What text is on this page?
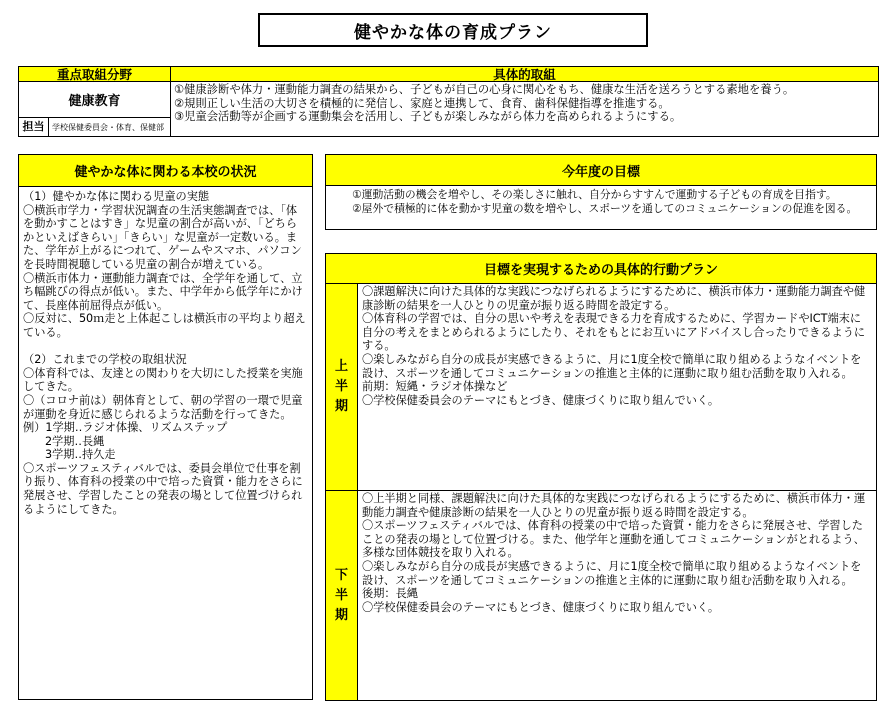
健やかな体の育成プラン
重点取組分野	具体的取組
健康教育	①健康診断や体力・運動能力調査の結果から、子どもが自己の心身に関心をもち、健康な生活を送ろうとする素地を養う。

②規則正しい生活の大切さを積極的に発信し、家庭と連携して、食育、歯科保健指導を推進する。

③児童会活動等が企画する運動集会を活用し、子どもが楽しみながら体力を高められるようにする。

担当 学校保健委員会・体育、保健部	
健やかな体に関わる本校の状況

（1）健やかな体に関わる児童の実態

〇横浜市学力・学習状況調査の生活実態調査では、「体を動かすことはすき」な児童の割合が高いが、「どちらかといえばきらい」「きらい」な児童が一定数いる。また、学年が上がるにつれて、ゲームやスマホ、パソコンを長時間視聴している児童の割合が増えている。

〇横浜市体力・運動能力調査では、全学年を通して、立ち幅跳びの得点が低い。また、中学年から低学年にかけて、長座体前屈得点が低い。

〇反対に、50ｍ走と上体起こしは横浜市の平均より超えている。

（2）これまでの学校の取組状況

〇体育科では、友達との関わりを大切にした授業を実施してきた。

〇（コロナ前は）朝体育として、朝の学習の一環で児童が運動を身近に感じられるような活動を行ってきた。

例）1学期‥ラジオ体操、リズムステップ

2学期‥長縄

3学期‥持久走

〇スポーツフェスティバルでは、委員会単位で仕事を割り振り、体育科の授業の中で培った資質・能力をさらに発展させ、学習したことの発表の場として位置づけられるようにしてきた。

今年度の目標

①運動活動の機会を増やし、その楽しさに触れ、自分からすすんで運動する子どもの育成を目指す。

②屋外で積極的に体を動かす児童の数を増やし、スポーツを通してのコミュニケーションの促進を図る。

目標を実現するための具体的行動プラン
上
半
期

〇課題解決に向けた具体的な実践につなげられるようにするために、横浜市体力・運動能力調査や健康診断の結果を一人ひとりの児童が振り返る時間を設定する。

〇体育科の学習では、自分の思いや考えを表現できる力を育成するために、学習カードやICT端末に自分の考えをまとめられるようにしたり、それをもとにお互いにアドバイスし合ったりできるようにする。

〇楽しみながら自分の成長が実感できるように、月に1度全校で簡単に取り組めるようなイベントを設け、スポーツを通してコミュニケーションの推進と主体的に運動に取り組む活動を取り入れる。

前期：短縄・ラジオ体操など

〇学校保健委員会のテーマにもとづき、健康づくりに取り組んでいく。

下
半
期

〇上半期と同様、課題解決に向けた具体的な実践につなげられるようにするために、横浜市体力・運動能力調査や健康診断の結果を一人ひとりの児童が振り返る時間を設定する。

〇スポーツフェスティバルでは、体育科の授業の中で培った資質・能力をさらに発展させ、学習したことの発表の場として位置づける。また、他学年と運動を通してコミュニケーションがとれるよう、多様な団体競技を取り入れる。

〇楽しみながら自分の成長が実感できるように、月に1度全校で簡単に取り組めるようなイベントを設け、スポーツを通してコミュニケーションの推進と主体的に運動に取り組む活動を取り入れる。

後期：長縄

〇学校保健委員会のテーマにもとづき、健康づくりに取り組んでいく。
